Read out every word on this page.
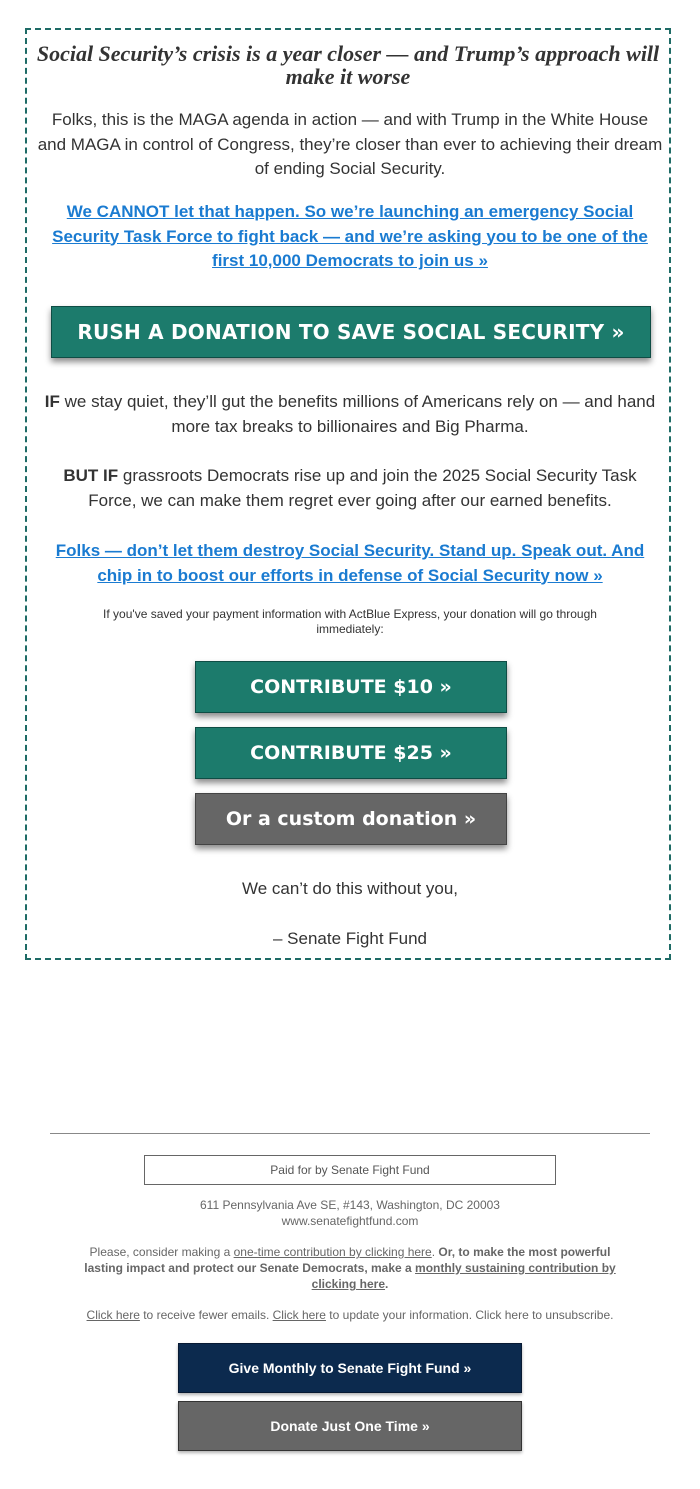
Social Security’s crisis is a year closer — and Trump’s approach will make it worse

Folks, this is the MAGA agenda in action — and with Trump in the White House and MAGA in control of Congress, they’re closer than ever to achieving their dream of ending Social Security.

We CANNOT let that happen. So we’re launching an emergency Social Security Task Force to fight back — and we’re asking you to be one of the first 10,000 Democrats to join us »
RUSH A DONATION TO SAVE SOCIAL SECURITY »

IF we stay quiet, they’ll gut the benefits millions of Americans rely on — and hand more tax breaks to billionaires and Big Pharma.

BUT IF grassroots Democrats rise up and join the 2025 Social Security Task Force, we can make them regret ever going after our earned benefits.

Folks — don’t let them destroy Social Security. Stand up. Speak out. And chip in to boost our efforts in defense of Social Security now »

If you've saved your payment information with ActBlue Express, your donation will go through immediately:

CONTRIBUTE $10 »
CONTRIBUTE $25 »
Or a custom donation »

We can’t do this without you,

– Senate Fight Fund

Paid for by Senate Fight Fund

611 Pennsylvania Ave SE, #143, Washington, DC 20003

www.senatefightfund.com

Please, consider making a one-time contribution by clicking here. Or, to make the most powerful lasting impact and protect our Senate Democrats, make a monthly sustaining contribution by clicking here.

Click here to receive fewer emails. Click here to update your information. Click here to unsubscribe.

Give Monthly to Senate Fight Fund »
Donate Just One Time »
